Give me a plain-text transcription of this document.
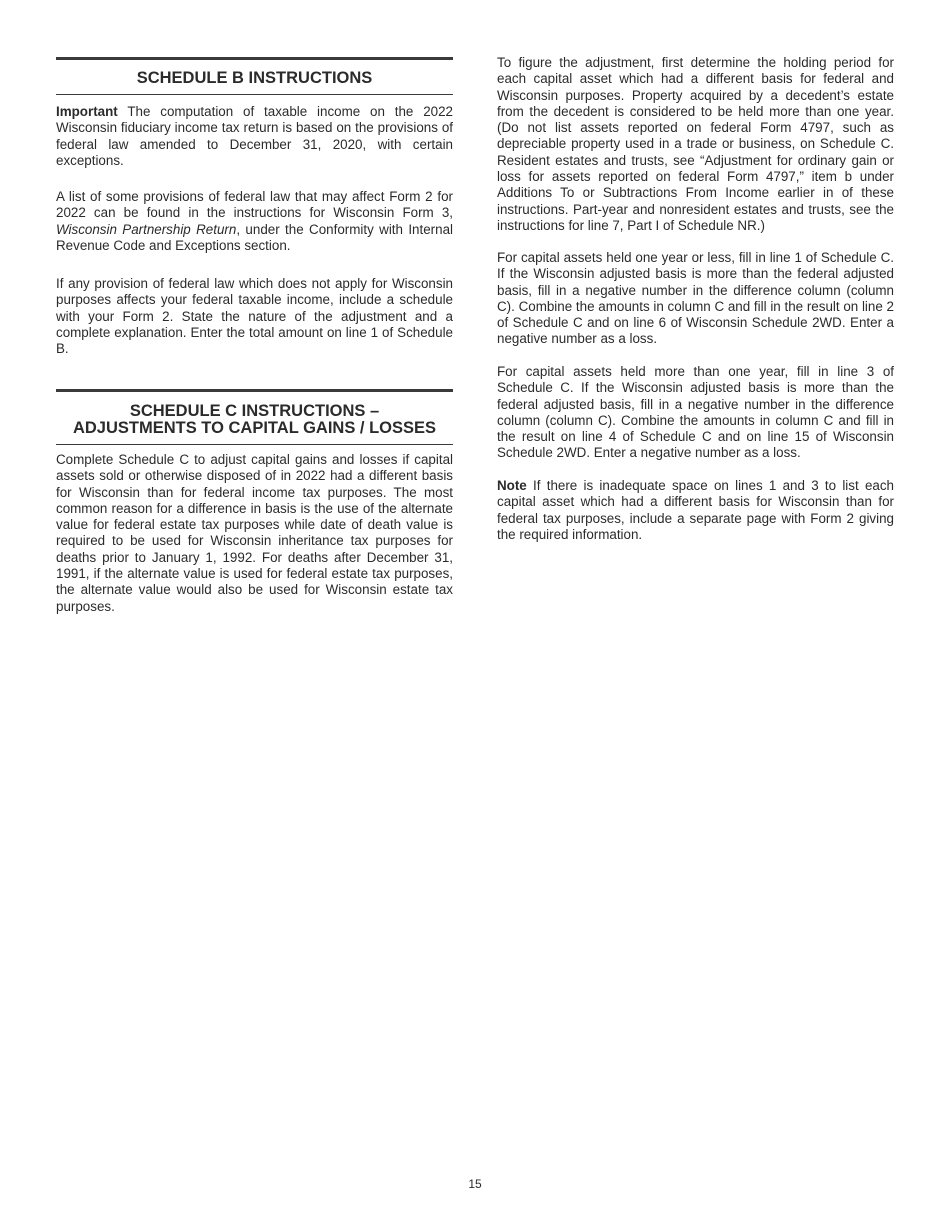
SCHEDULE B INSTRUCTIONS

Important The computation of taxable income on the 2022 Wisconsin fiduciary income tax return is based on the provisions of federal law amended to December 31, 2020, with certain exceptions.

A list of some provisions of federal law that may affect Form 2 for 2022 can be found in the instructions for Wisconsin Form 3, Wisconsin Partnership Return, under the Conformity with Internal Revenue Code and Exceptions section.

If any provision of federal law which does not apply for Wisconsin purposes affects your federal taxable income, include a schedule with your Form 2. State the nature of the adjustment and a complete explanation. Enter the total amount on line 1 of Schedule B.

SCHEDULE C INSTRUCTIONS –
ADJUSTMENTS TO CAPITAL GAINS / LOSSES

Complete Schedule C to adjust capital gains and losses if capital assets sold or otherwise disposed of in 2022 had a different basis for Wisconsin than for federal income tax purposes. The most common reason for a difference in basis is the use of the alternate value for federal estate tax purposes while date of death value is required to be used for Wisconsin inheritance tax purposes for deaths prior to January 1, 1992. For deaths after December 31, 1991, if the alternate value is used for federal estate tax purposes, the alternate value would also be used for Wisconsin estate tax purposes.

To figure the adjustment, first determine the holding period for each capital asset which had a different basis for federal and Wisconsin purposes. Property acquired by a decedent’s estate from the decedent is considered to be held more than one year. (Do not list assets reported on federal Form 4797, such as depreciable property used in a trade or business, on Schedule C. Resident estates and trusts, see “Adjustment for ordinary gain or loss for assets reported on federal Form 4797,” item b under Additions To or Subtractions From Income earlier in of these instructions. Part-year and nonresident estates and trusts, see the instructions for line 7, Part I of Schedule NR.)

For capital assets held one year or less, fill in line 1 of Schedule C. If the Wisconsin adjusted basis is more than the federal adjusted basis, fill in a negative number in the difference column (column C). Combine the amounts in column C and fill in the result on line 2 of Schedule C and on line 6 of Wisconsin Schedule 2WD. Enter a negative number as a loss.

For capital assets held more than one year, fill in line 3 of Schedule C. If the Wisconsin adjusted basis is more than the federal adjusted basis, fill in a negative number in the difference column (column C). Combine the amounts in column C and fill in the result on line 4 of Schedule C and on line 15 of Wisconsin Schedule 2WD. Enter a negative number as a loss.

Note If there is inadequate space on lines 1 and 3 to list each capital asset which had a different basis for Wisconsin than for federal tax purposes, include a separate page with Form 2 giving the required information.

15
